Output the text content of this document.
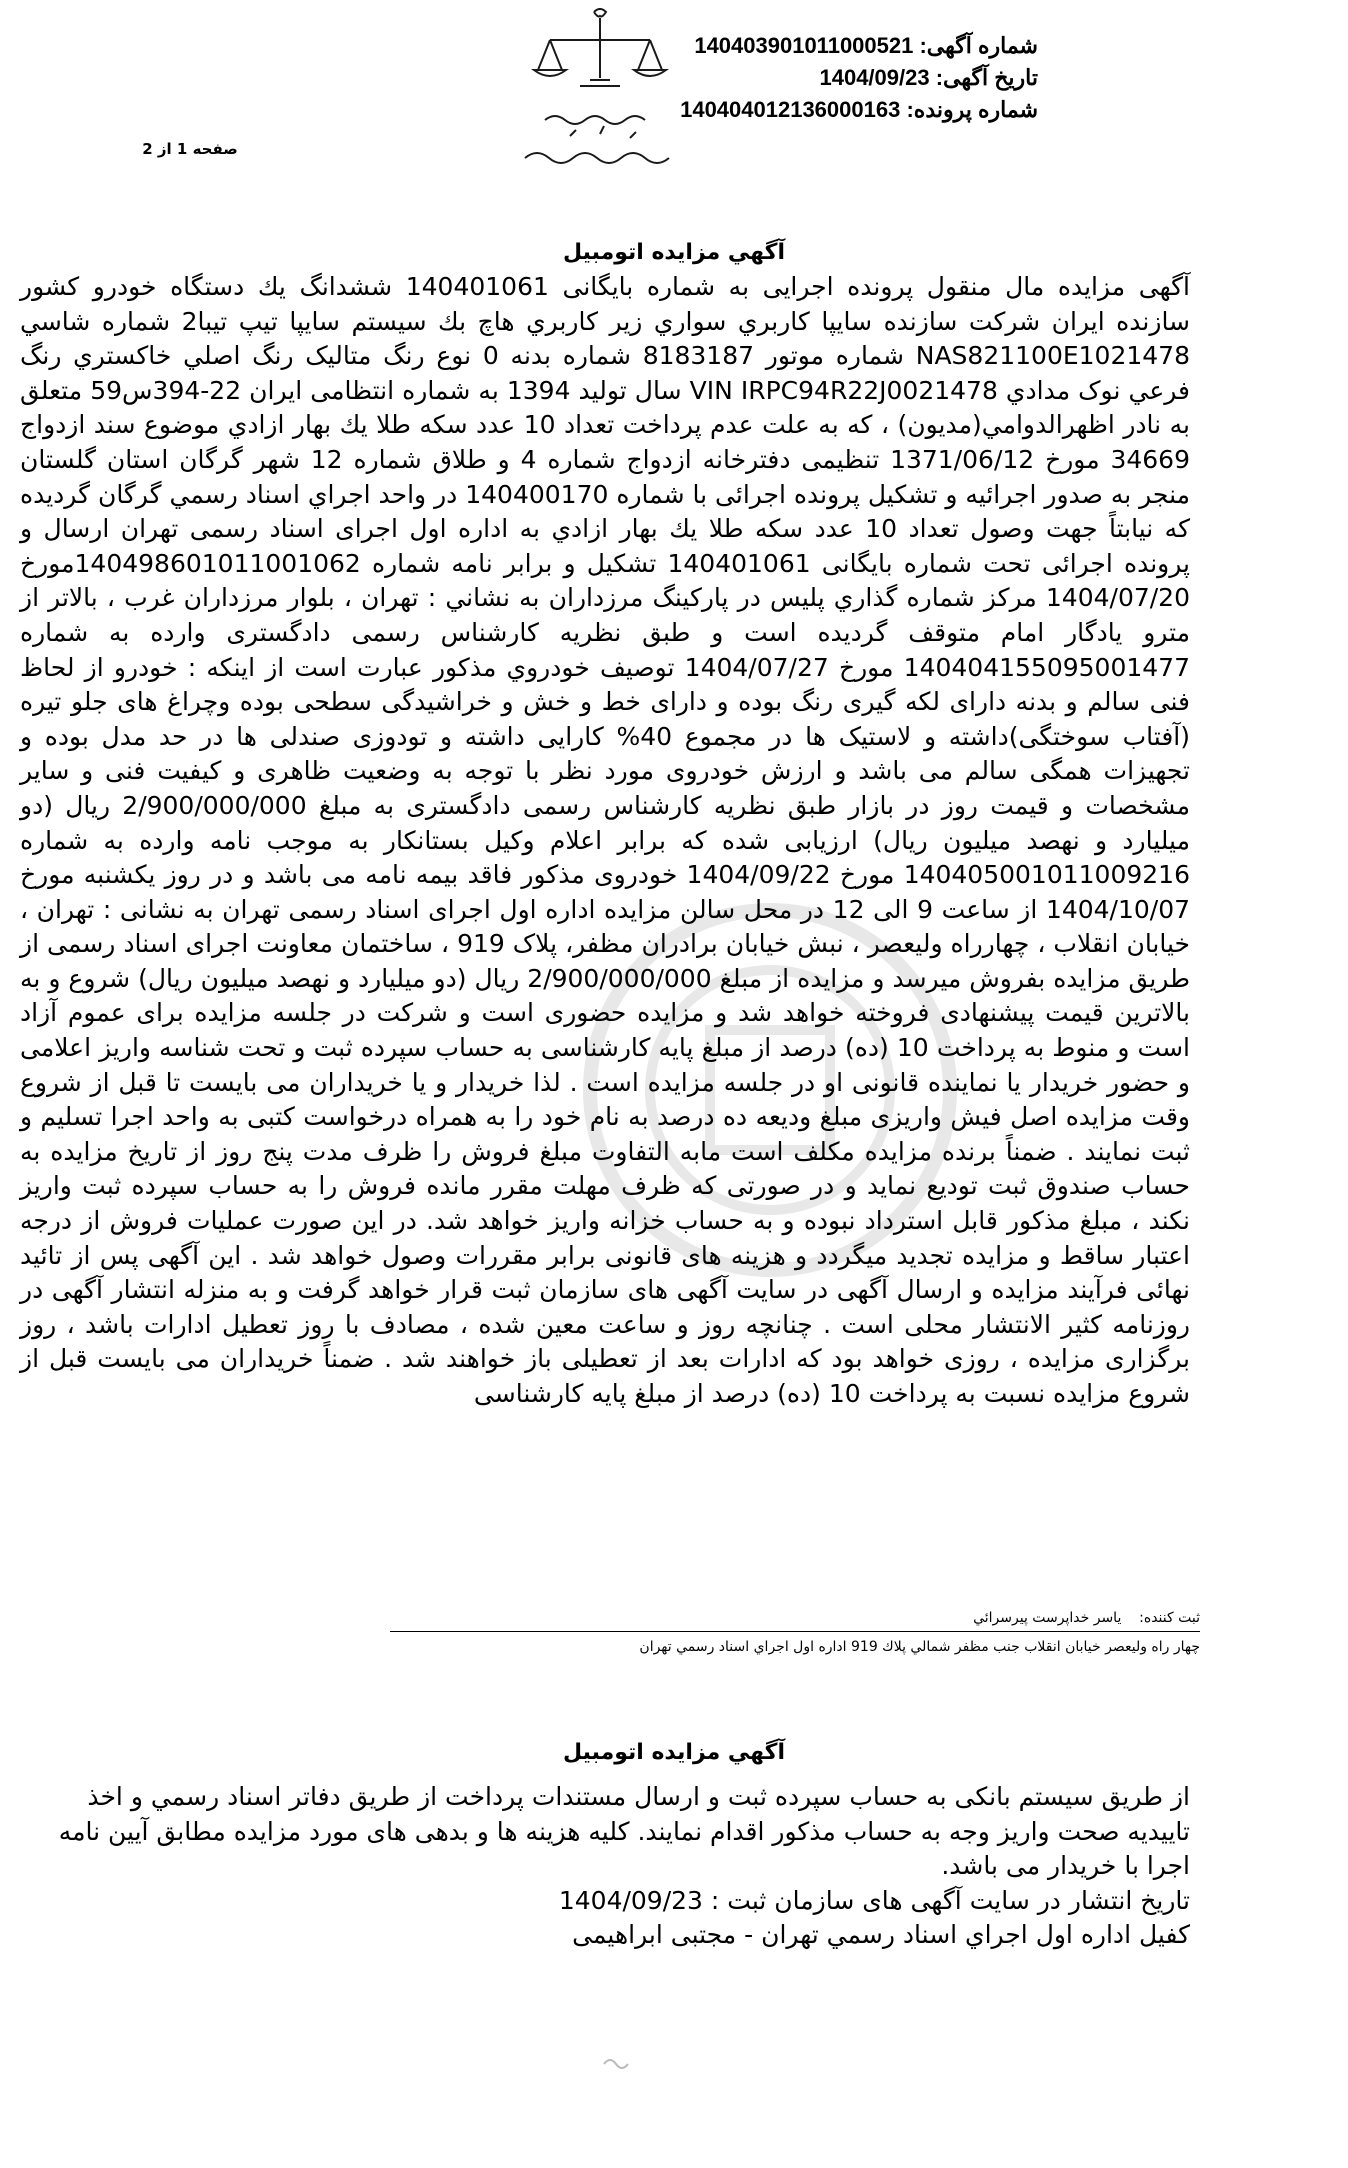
شماره آگهی: 140403901011000521
تاریخ آگهی: 1404/09/23
شماره پرونده: 140404012136000163
صفحه 1 از 2
آگهي مزايده اتومبيل

آگهی مزایده مال منقول پرونده اجرایی به شماره بایگانی 140401061 ششدانگ يك دستگاه خودرو كشور سازنده ايران شركت سازنده سايپا كاربري سواري زير كاربري هاچ بك سيستم سايپا تيپ تيبا2 شماره شاسي NAS821100E1021478 شماره موتور 8183187 شماره بدنه 0 نوع رنگ متاليک رنگ اصلي خاكستري رنگ فرعي نوک مدادي VIN IRPC94R22J0021478 سال توليد 1394 به شماره انتظامی ایران 22-394س59 متعلق به نادر اظهرالدوامي(مديون) ، كه به علت عدم پرداخت تعداد 10 عدد سکه طلا يك بهار ازادي موضوع سند ازدواج 34669 مورخ 1371/06/12 تنظیمی دفترخانه ازدواج شماره 4 و طلاق شماره 12 شهر گرگان استان گلستان منجر به صدور اجرائیه و تشکیل پرونده اجرائی با شماره 140400170 در واحد اجراي اسناد رسمي گرگان گرديده كه نيابتاً جهت وصول تعداد 10 عدد سکه طلا يك بهار ازادي به اداره اول اجرای اسناد رسمی تهران ارسال و پرونده اجرائی تحت شماره بایگانی 140401061 تشکیل و برابر نامه شماره 140498601011001062مورخ 1404/07/20 مرکز شماره گذاري پليس در پارکينگ مرزداران به نشاني : تهران ، بلوار مرزداران غرب ، بالاتر از مترو يادگار امام متوقف گرديده است و طبق نظريه کارشناس رسمی دادگستری وارده به شماره 140404155095001477 مورخ 1404/07/27 توصيف خودروي مذکور عبارت است از اينکه : خودرو از لحاظ فنی سالم و بدنه دارای لکه گیری رنگ بوده و دارای خط و خش و خراشیدگی سطحی بوده وچراغ های جلو تیره (آفتاب سوختگی)داشته و لاستیک ها در مجموع 40% کارایی داشته و تودوزی صندلی ها در حد مدل بوده و تجهیزات همگی سالم می باشد و ارزش خودروی مورد نظر با توجه به وضعیت ظاهری و کیفیت فنی و سایر مشخصات و قیمت روز در بازار طبق نظریه کارشناس رسمی دادگستری به مبلغ 2/900/000/000 ریال (دو میلیارد و نهصد میلیون ریال) ارزیابی شده که برابر اعلام وکیل بستانکار به موجب نامه وارده به شماره 140405001011009216 مورخ 1404/09/22 خودروی مذکور فاقد بیمه نامه می باشد و در روز یکشنبه مورخ 1404/10/07 از ساعت 9 الی 12 در محل سالن مزایده اداره اول اجرای اسناد رسمی تهران به نشانی : تهران ، خیابان انقلاب ، چهارراه ولیعصر ، نبش خیابان برادران مظفر، پلاک 919 ، ساختمان معاونت اجرای اسناد رسمی از طریق مزایده بفروش میرسد و مزایده از مبلغ 2/900/000/000 ریال (دو میلیارد و نهصد میلیون ریال) شروع و به بالاترین قیمت پیشنهادی فروخته خواهد شد و مزایده حضوری است و شرکت در جلسه مزایده برای عموم آزاد است و منوط به پرداخت 10 (ده) درصد از مبلغ پایه کارشناسی به حساب سپرده ثبت و تحت شناسه واریز اعلامی و حضور خریدار یا نماینده قانونی او در جلسه مزایده است . لذا خریدار و یا خریداران می بایست تا قبل از شروع وقت مزایده اصل فیش واریزی مبلغ ودیعه ده درصد به نام خود را به همراه درخواست کتبی به واحد اجرا تسلیم و ثبت نمایند . ضمناً برنده مزایده مکلف است مابه التفاوت مبلغ فروش را ظرف مدت پنج روز از تاریخ مزایده به حساب صندوق ثبت تودیع نماید و در صورتی که ظرف مهلت مقرر مانده فروش را به حساب سپرده ثبت واریز نکند ، مبلغ مذکور قابل استرداد نبوده و به حساب خزانه واریز خواهد شد. در این صورت عملیات فروش از درجه اعتبار ساقط و مزایده تجدید میگردد و هزینه های قانونی برابر مقررات وصول خواهد شد . این آگهی پس از تائید نهائی فرآیند مزایده و ارسال آگهی در سایت آگهی های سازمان ثبت قرار خواهد گرفت و به منزله انتشار آگهی در روزنامه کثیر الانتشار محلی است . چنانچه روز و ساعت معین شده ، مصادف با روز تعطیل ادارات باشد ، روز برگزاری مزایده ، روزی خواهد بود که ادارات بعد از تعطیلی باز خواهند شد . ضمناً خریداران می بایست قبل از شروع مزایده نسبت به پرداخت 10 (ده) درصد از مبلغ پایه کارشناسی

ثبت کننده:    ياسر خداپرست پيرسرائي
چهار راه وليعصر خيابان انقلاب جنب مظفر شمالي پلاك 919 اداره اول اجراي اسناد رسمي تهران
آگهي مزايده اتومبيل

از طريق سيستم بانكی به حساب سپرده ثبت و ارسال مستندات پرداخت از طريق دفاتر اسناد رسمي و اخذ تاييديه صحت واريز وجه به حساب مذكور اقدام نمايند. كليه هزينه ها و بدهی های مورد مزايده مطابق آيين نامه اجرا با خريدار می باشد.

تاریخ انتشار در سایت آگهی های سازمان ثبت : 1404/09/23

کفیل اداره اول اجراي اسناد رسمي تهران - مجتبی ابراهیمی
